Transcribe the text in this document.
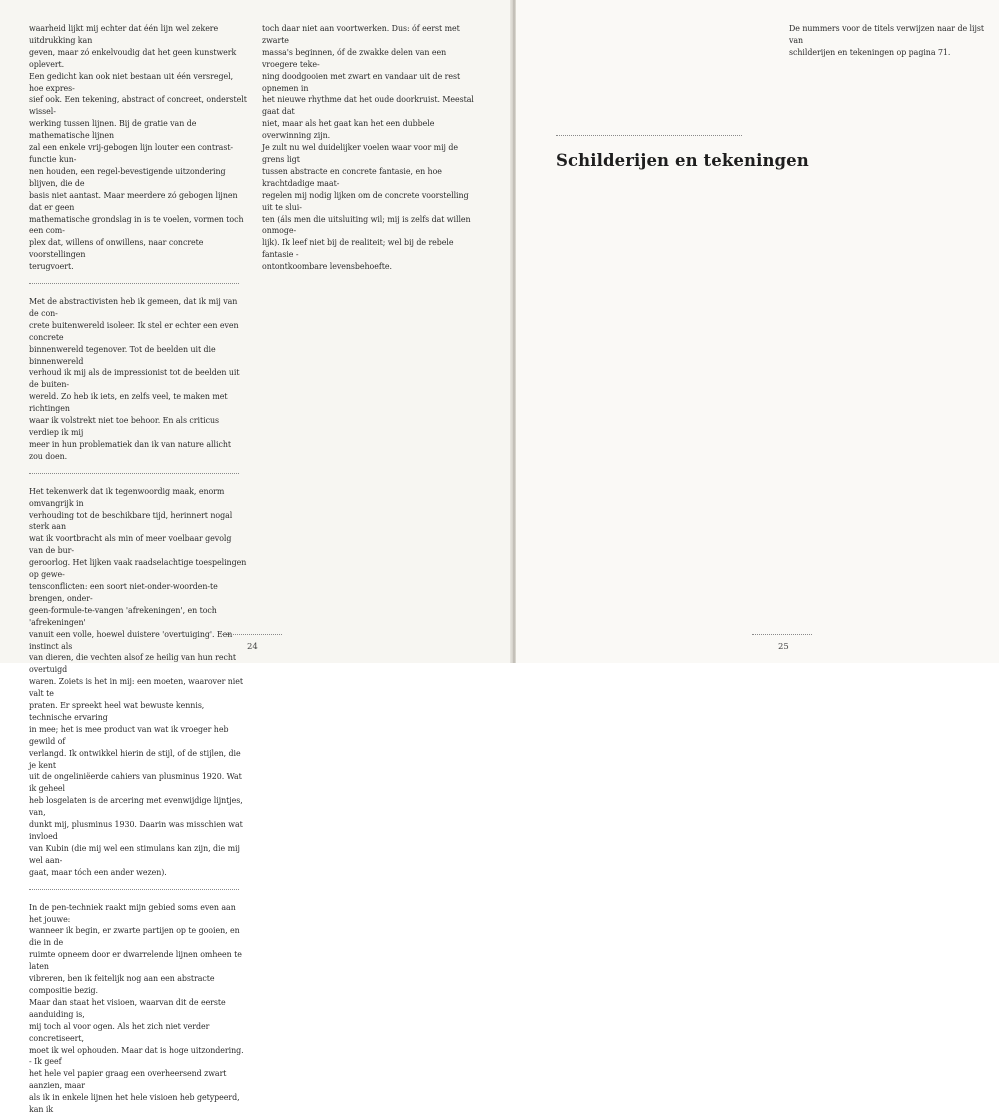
waarheid lijkt mij echter dat één lijn wel zekere uitdrukking kan
geven, maar zó enkelvoudig dat het geen kunstwerk oplevert.
Een gedicht kan ook niet bestaan uit één versregel, hoe expres-
sief ook. Een tekening, abstract of concreet, onderstelt wissel-
werking tussen lijnen. Bij de gratie van de mathematische lijnen
zal een enkele vrij-gebogen lijn louter een contrast-functie kun-
nen houden, een regel-bevestigende uitzondering blijven, die de
basis niet aantast. Maar meerdere zó gebogen lijnen dat er geen
mathematische grondslag in is te voelen, vormen toch een com-
plex dat, willens of onwillens, naar concrete voorstellingen
terugvoert.

Met de abstractivisten heb ik gemeen, dat ik mij van de con-
crete buitenwereld isoleer. Ik stel er echter een even concrete
binnenwereld tegenover. Tot de beelden uit die binnenwereld
verhoud ik mij als de impressionist tot de beelden uit de buiten-
wereld. Zo heb ik iets, en zelfs veel, te maken met richtingen
waar ik volstrekt niet toe behoor. En als criticus verdiep ik mij
meer in hun problematiek dan ik van nature allicht zou doen.

Het tekenwerk dat ik tegenwoordig maak, enorm omvangrijk in
verhouding tot de beschikbare tijd, herinnert nogal sterk aan
wat ik voortbracht als min of meer voelbaar gevolg van de bur-
geroorlog. Het lijken vaak raadselachtige toespelingen op gewe-
tensconflicten: een soort niet-onder-woorden-te brengen, onder-
geen-formule-te-vangen 'afrekeningen', en toch 'afrekeningen'
vanuit een volle, hoewel duistere 'overtuiging'. Een instinct als
van dieren, die vechten alsof ze heilig van hun recht overtuigd
waren. Zoiets is het in mij: een moeten, waarover niet valt te
praten. Er spreekt heel wat bewuste kennis, technische ervaring
in mee; het is mee product van wat ik vroeger heb gewild of
verlangd. Ik ontwikkel hierin de stijl, of de stijlen, die je kent
uit de ongeliniëerde cahiers van plusminus 1920. Wat ik geheel
heb losgelaten is de arcering met evenwijdige lijntjes, van,
dunkt mij, plusminus 1930. Daarin was misschien wat invloed
van Kubin (die mij wel een stimulans kan zijn, die mij wel aan-
gaat, maar tóch een ander wezen).

In de pen-techniek raakt mijn gebied soms even aan het jouwe:
wanneer ik begin, er zwarte partijen op te gooien, en die in de
ruimte opneem door er dwarrelende lijnen omheen te laten
vibreren, ben ik feitelijk nog aan een abstracte compositie bezig.
Maar dan staat het visioen, waarvan dit de eerste aanduiding is,
mij toch al voor ogen. Als het zich niet verder concretiseert,
moet ik wel ophouden. Maar dat is hoge uitzondering. - Ik geef
het hele vel papier graag een overheersend zwart aanzien, maar
als ik in enkele lijnen het hele visioen heb getypeerd, kan ik

toch daar niet aan voortwerken. Dus: óf eerst met zwarte
massa's beginnen, óf de zwakke delen van een vroegere teke-
ning doodgooien met zwart en vandaar uit de rest opnemen in
het nieuwe rhythme dat het oude doorkruist. Meestal gaat dat
niet, maar als het gaat kan het een dubbele overwinning zijn.
Je zult nu wel duidelijker voelen waar voor mij de grens ligt
tussen abstracte en concrete fantasie, en hoe krachtdadige maat-
regelen mij nodig lijken om de concrete voorstelling uit te slui-
ten (áls men die uitsluiting wil; mij is zelfs dat willen onmoge-
lijk). Ik leef niet bij de realiteit; wel bij de rebele fantasie -
ontontkoombare levensbehoefte.

24

De nummers voor de titels verwijzen naar de lijst van
schilderijen en tekeningen op pagina 71.

Schilderijen en tekeningen
25
